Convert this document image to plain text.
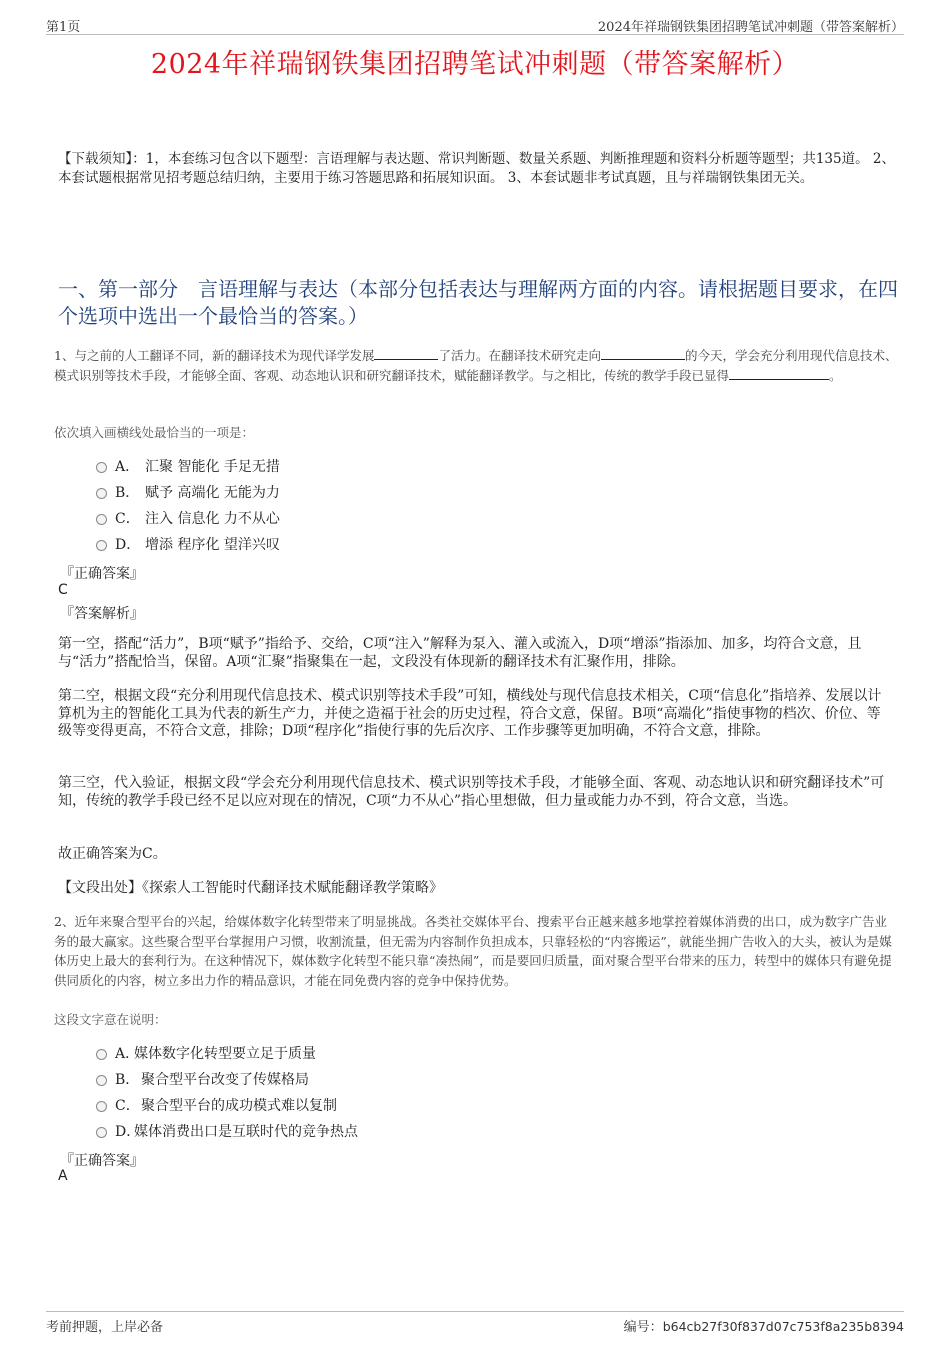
第1页	2024年祥瑞钢铁集团招聘笔试冲刺题（带答案解析）
2024年祥瑞钢铁集团招聘笔试冲刺题（带答案解析）
【下载须知】：1，本套练习包含以下题型：言语理解与表达题、常识判断题、数量关系题、判断推理题和资料分析题等题型；共135道。 2、本套试题根据常见招考题总结归纳，主要用于练习答题思路和拓展知识面。 3、本套试题非考试真题，且与祥瑞钢铁集团无关。
一、第一部分　言语理解与表达（本部分包括表达与理解两方面的内容。请根据题目要求，在四个选项中选出一个最恰当的答案。）
1、与之前的人工翻译不同，新的翻译技术为现代译学发展	了活力。在翻译技术研究走向	的今天，学会充分利用现代信息技术、模式识别等技术手段，才能够全面、客观、动态地认识和研究翻译技术，赋能翻译教学。与之相比，传统的教学手段已显得	。
依次填入画横线处最恰当的一项是：

A．

汇聚 智能化 手足无措

B．

赋予 高端化 无能为力

C．

注入 信息化 力不从心

D．

增添 程序化 望洋兴叹

『正确答案』
C
『答案解析』
第一空，搭配“活力”，B项“赋予”指给予、交给，C项“注入”解释为泵入、灌入或流入，D项“增添”指添加、加多，均符合文意，且与“活力”搭配恰当，保留。A项“汇聚”指聚集在一起，文段没有体现新的翻译技术有汇聚作用，排除。
第二空，根据文段“充分利用现代信息技术、模式识别等技术手段”可知，横线处与现代信息技术相关，C项“信息化”指培养、发展以计算机为主的智能化工具为代表的新生产力，并使之造福于社会的历史过程，符合文意，保留。B项“高端化”指使事物的档次、价位、等级等变得更高，不符合文意，排除；D项“程序化”指使行事的先后次序、工作步骤等更加明确，不符合文意，排除。
第三空，代入验证，根据文段“学会充分利用现代信息技术、模式识别等技术手段，才能够全面、客观、动态地认识和研究翻译技术”可知，传统的教学手段已经不足以应对现在的情况，C项“力不从心”指心里想做，但力量或能力办不到，符合文意，当选。
故正确答案为C。
【文段出处】《探索人工智能时代翻译技术赋能翻译教学策略》
2、近年来聚合型平台的兴起，给媒体数字化转型带来了明显挑战。各类社交媒体平台、搜索平台正越来越多地掌控着媒体消费的出口，成为数字广告业务的最大赢家。这些聚合型平台掌握用户习惯，收割流量，但无需为内容制作负担成本，只靠轻松的“内容搬运”，就能坐拥广告收入的大头，被认为是媒体历史上最大的套利行为。在这种情况下，媒体数字化转型不能只靠“凑热闹”，而是要回归质量，面对聚合型平台带来的压力，转型中的媒体只有避免提供同质化的内容，树立多出力作的精品意识，才能在同免费内容的竞争中保持优势。
这段文字意在说明：

A．

媒体数字化转型要立足于质量

B．

聚合型平台改变了传媒格局

C．

聚合型平台的成功模式难以复制

D．

媒体消费出口是互联时代的竞争热点

『正确答案』
A
考前押题，上岸必备	编号：b64cb27f30f837d07c753f8a235b8394
